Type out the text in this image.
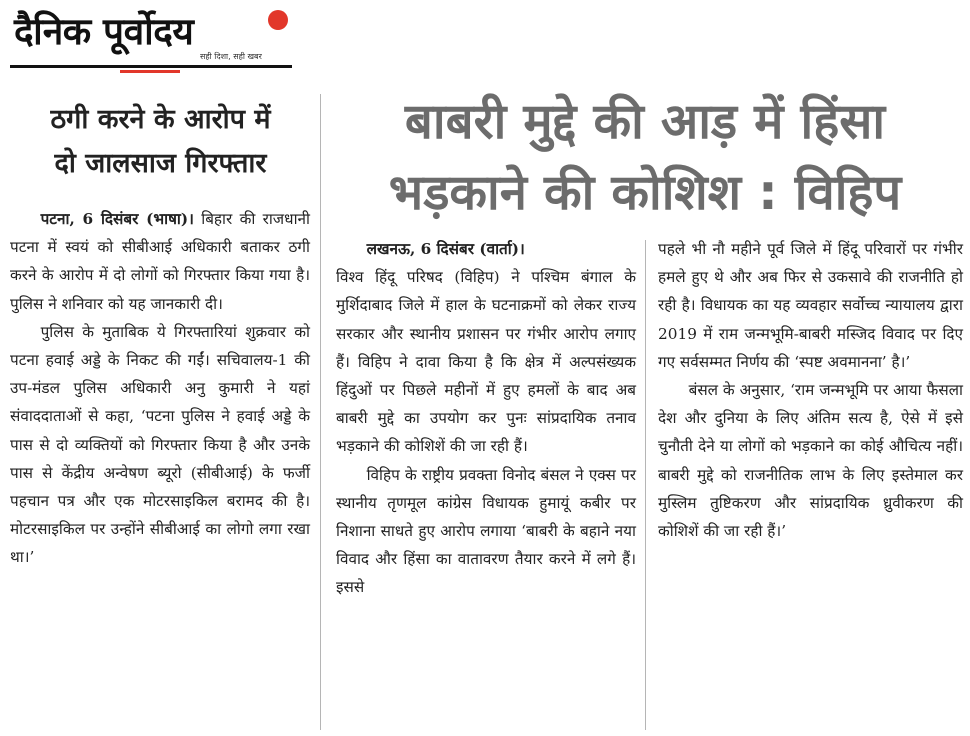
दैनिक पूर्वोदय
सही दिशा, सही खबर
ठगी करने के आरोप में
दो जालसाज गिरफ्तार
बाबरी मुद्दे की आड़ में हिंसा
भड़काने की कोशिश : विहिप

पटना, 6 दिसंबर (भाषा)। बिहार की राजधानी पटना में स्वयं को सीबीआई अधिकारी बताकर ठगी करने के आरोप में दो लोगों को गिरफ्तार किया गया है। पुलिस ने शनिवार को यह जानकारी दी।

पुलिस के मुताबिक ये गिरफ्तारियां शुक्रवार को पटना हवाई अड्डे के निकट की गईं। सचिवालय-1 की उप-मंडल पुलिस अधिकारी अनु कुमारी ने यहां संवाददाताओं से कहा, ‘पटना पुलिस ने हवाई अड्डे के पास से दो व्यक्तियों को गिरफ्तार किया है और उनके पास से केंद्रीय अन्वेषण ब्यूरो (सीबीआई) के फर्जी पहचान पत्र और एक मोटरसाइकिल बरामद की है। मोटरसाइकिल पर उन्होंने सीबीआई का लोगो लगा रखा था।’

लखनऊ, 6 दिसंबर (वार्ता)।

विश्व हिंदू परिषद (विहिप) ने पश्चिम बंगाल के मुर्शिदाबाद जिले में हाल के घटनाक्रमों को लेकर राज्य सरकार और स्थानीय प्रशासन पर गंभीर आरोप लगाए हैं। विहिप ने दावा किया है कि क्षेत्र में अल्पसंख्यक हिंदुओं पर पिछले महीनों में हुए हमलों के बाद अब बाबरी मुद्दे का उपयोग कर पुनः सांप्रदायिक तनाव भड़काने की कोशिशें की जा रही हैं।

विहिप के राष्ट्रीय प्रवक्ता विनोद बंसल ने एक्स पर स्थानीय तृणमूल कांग्रेस विधायक हुमायूं कबीर पर निशाना साधते हुए आरोप लगाया ‘बाबरी के बहाने नया विवाद और हिंसा का वातावरण तैयार करने में लगे हैं। इससे

पहले भी नौ महीने पूर्व जिले में हिंदू परिवारों पर गंभीर हमले हुए थे और अब फिर से उकसावे की राजनीति हो रही है। विधायक का यह व्यवहार सर्वोच्च न्यायालय द्वारा 2019 में राम जन्मभूमि-बाबरी मस्जिद विवाद पर दिए गए सर्वसम्मत निर्णय की ‘स्पष्ट अवमानना’ है।’

बंसल के अनुसार, ‘राम जन्मभूमि पर आया फैसला देश और दुनिया के लिए अंतिम सत्य है, ऐसे में इसे चुनौती देने या लोगों को भड़काने का कोई औचित्य नहीं। बाबरी मुद्दे को राजनीतिक लाभ के लिए इस्तेमाल कर मुस्लिम तुष्टिकरण और सांप्रदायिक ध्रुवीकरण की कोशिशें की जा रही हैं।’
